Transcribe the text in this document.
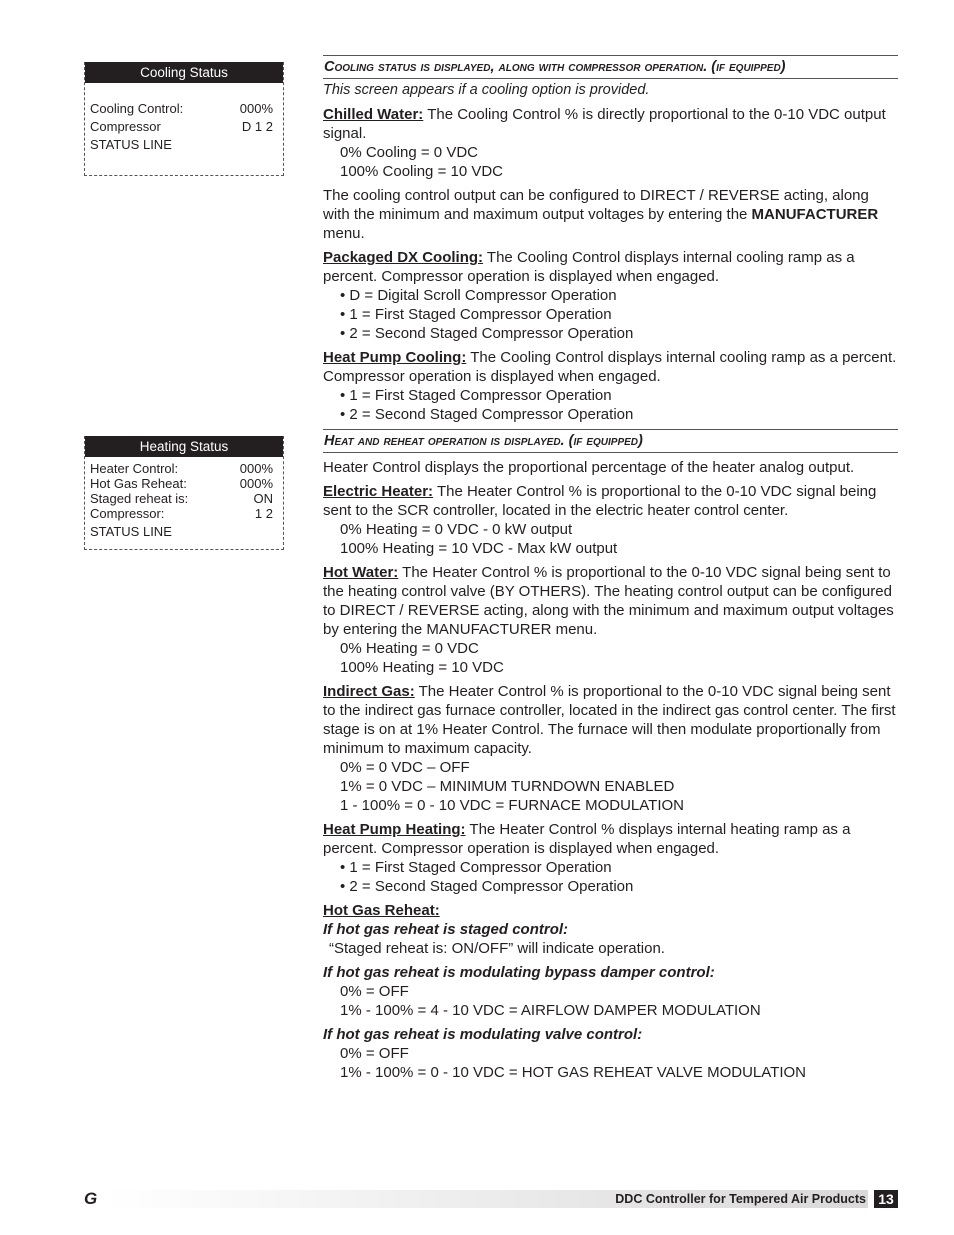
Cooling Status
Cooling Control:	000%
Compressor	D 1 2
STATUS LINE
Heating Status
Heater Control:	000%
Hot Gas Reheat:	000%
Staged reheat is:	ON
Compressor:	1 2
STATUS LINE
Cooling status is displayed, along with compressor operation. (if equipped)

This screen appears if a cooling option is provided.

Chilled Water: The Cooling Control % is directly proportional to the 0-10 VDC output signal.

0% Cooling = 0 VDC

100% Cooling = 10 VDC

The cooling control output can be configured to DIRECT / REVERSE acting, along with the minimum and maximum output voltages by entering the MANUFACTURER menu.

Packaged DX Cooling: The Cooling Control displays internal cooling ramp as a percent. Compressor operation is displayed when engaged.

• D = Digital Scroll Compressor Operation

• 1 = First Staged Compressor Operation

• 2 = Second Staged Compressor Operation

Heat Pump Cooling: The Cooling Control displays internal cooling ramp as a percent. Compressor operation is displayed when engaged.

• 1 = First Staged Compressor Operation

• 2 = Second Staged Compressor Operation

Heat and reheat operation is displayed. (if equipped)

Heater Control displays the proportional percentage of the heater analog output.

Electric Heater: The Heater Control % is proportional to the 0-10 VDC signal being sent to the SCR controller, located in the electric heater control center.

0% Heating = 0 VDC - 0 kW output

100% Heating = 10 VDC - Max kW output

Hot Water: The Heater Control % is proportional to the 0-10 VDC signal being sent to the heating control valve (BY OTHERS). The heating control output can be configured to DIRECT / REVERSE acting, along with the minimum and maximum output voltages by entering the MANUFACTURER menu.

0% Heating = 0 VDC

100% Heating = 10 VDC

Indirect Gas: The Heater Control % is proportional to the 0-10 VDC signal being sent to the indirect gas furnace controller, located in the indirect gas control center. The first stage is on at 1% Heater Control. The furnace will then modulate proportionally from minimum to maximum capacity.

0% = 0 VDC – OFF

1% = 0 VDC – MINIMUM TURNDOWN ENABLED

1 - 100% = 0 - 10 VDC = FURNACE MODULATION

Heat Pump Heating: The Heater Control % displays internal heating ramp as a percent. Compressor operation is displayed when engaged.

• 1 = First Staged Compressor Operation

• 2 = Second Staged Compressor Operation

Hot Gas Reheat:

If hot gas reheat is staged control:

“Staged reheat is: ON/OFF” will indicate operation.

If hot gas reheat is modulating bypass damper control:

0% = OFF

1% - 100% = 4 - 10 VDC = AIRFLOW DAMPER MODULATION

If hot gas reheat is modulating valve control:

0% = OFF

1% - 100% = 0 - 10 VDC = HOT GAS REHEAT VALVE MODULATION

G	DDC Controller for Tempered Air Products 13
